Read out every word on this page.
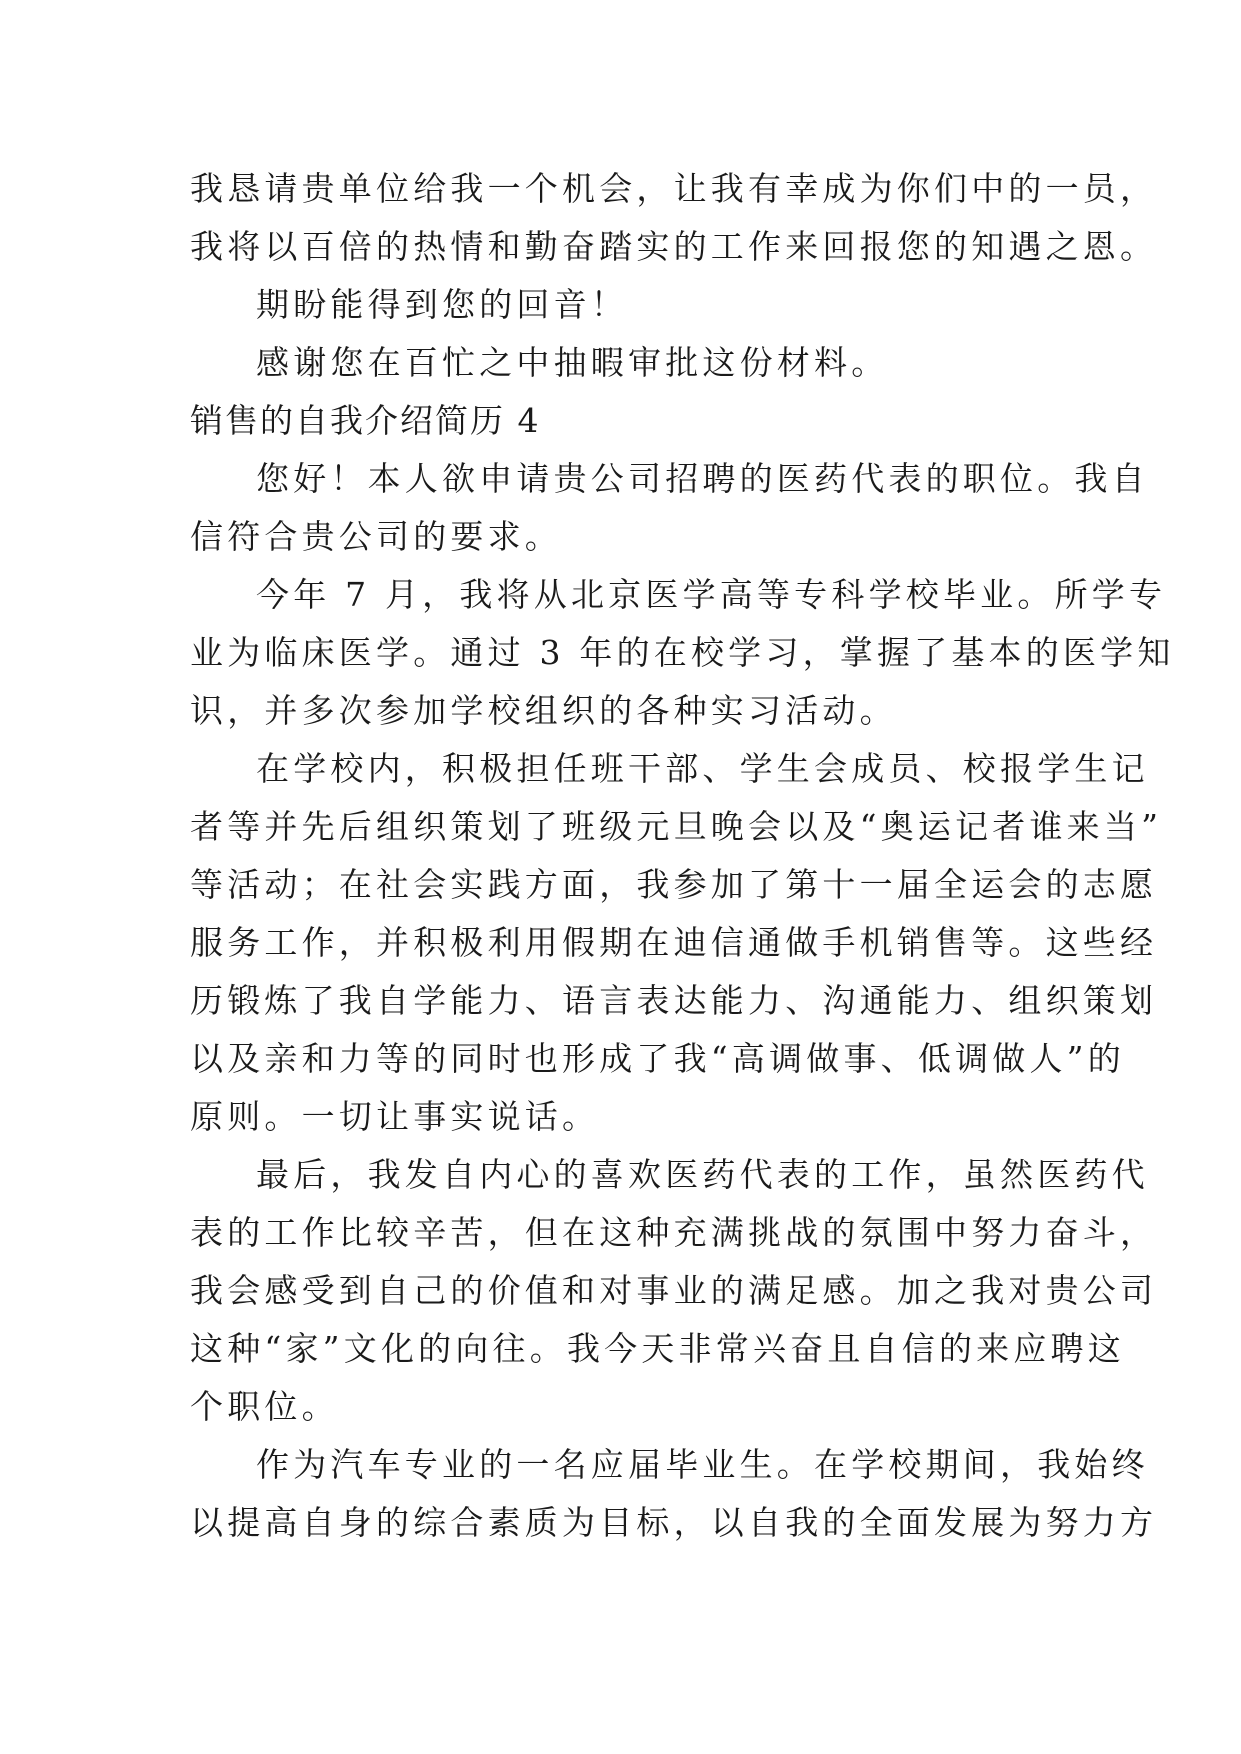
我恳请贵单位给我一个机会，让我有幸成为你们中的一员，
我将以百倍的热情和勤奋踏实的工作来回报您的知遇之恩。
期盼能得到您的回音！
感谢您在百忙之中抽暇审批这份材料。
销售的自我介绍简历 4
您好！本人欲申请贵公司招聘的医药代表的职位。我自
信符合贵公司的要求。
今年 7 月，我将从北京医学高等专科学校毕业。所学专
业为临床医学。通过 3 年的在校学习，掌握了基本的医学知
识，并多次参加学校组织的各种实习活动。
在学校内，积极担任班干部、学生会成员、校报学生记
者等并先后组织策划了班级元旦晚会以及“奥运记者谁来当”
等活动；在社会实践方面，我参加了第十一届全运会的志愿
服务工作，并积极利用假期在迪信通做手机销售等。这些经
历锻炼了我自学能力、语言表达能力、沟通能力、组织策划
以及亲和力等的同时也形成了我“高调做事、低调做人”的
原则。一切让事实说话。
最后，我发自内心的喜欢医药代表的工作，虽然医药代
表的工作比较辛苦，但在这种充满挑战的氛围中努力奋斗，
我会感受到自己的价值和对事业的满足感。加之我对贵公司
这种“家”文化的向往。我今天非常兴奋且自信的来应聘这
个职位。
作为汽车专业的一名应届毕业生。在学校期间，我始终
以提高自身的综合素质为目标，以自我的全面发展为努力方
